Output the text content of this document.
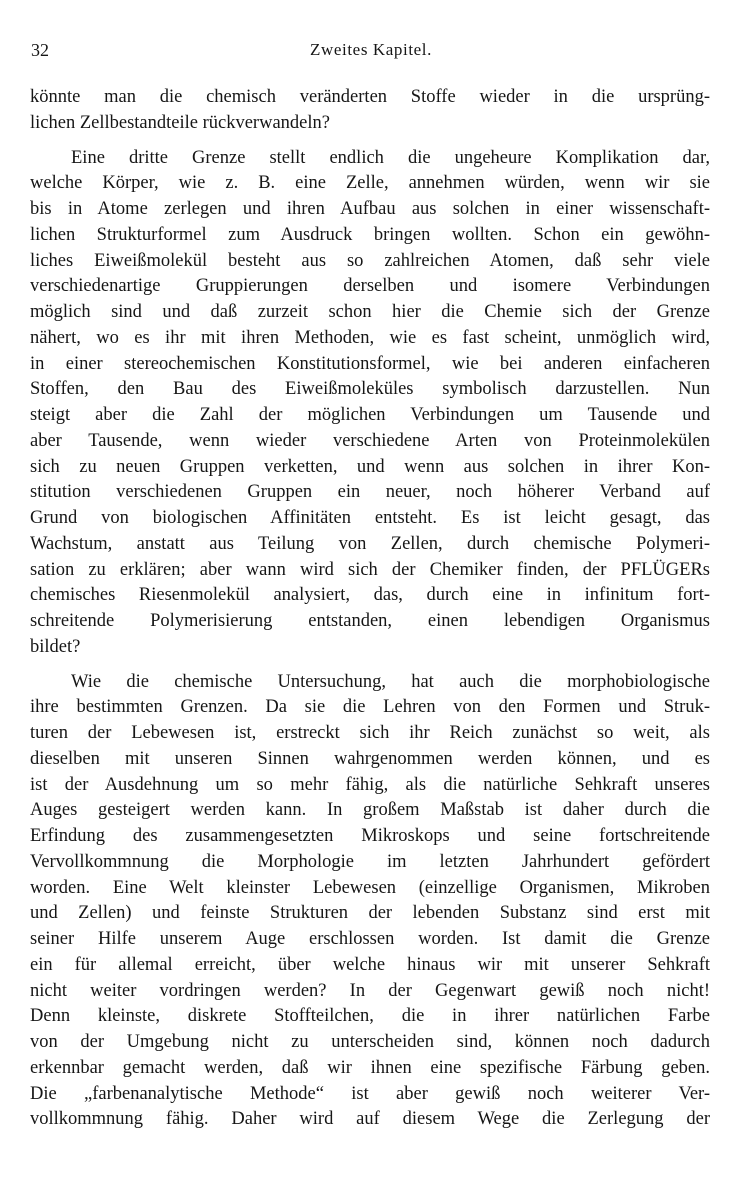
32	Zweites Kapitel.
könnte man die chemisch veränderten Stoffe wieder in die ursprüng-
lichen Zellbestandteile rückverwandeln?
Eine dritte Grenze stellt endlich die ungeheure Komplikation dar,
welche Körper, wie z. B. eine Zelle, annehmen würden, wenn wir sie
bis in Atome zerlegen und ihren Aufbau aus solchen in einer wissenschaft-
lichen Strukturformel zum Ausdruck bringen wollten. Schon ein gewöhn-
liches Eiweißmolekül besteht aus so zahlreichen Atomen, daß sehr viele
verschiedenartige Gruppierungen derselben und isomere Verbindungen
möglich sind und daß zurzeit schon hier die Chemie sich der Grenze
nähert, wo es ihr mit ihren Methoden, wie es fast scheint, unmöglich wird,
in einer stereochemischen Konstitutionsformel, wie bei anderen einfacheren
Stoffen, den Bau des Eiweißmoleküles symbolisch darzustellen. Nun
steigt aber die Zahl der möglichen Verbindungen um Tausende und
aber Tausende, wenn wieder verschiedene Arten von Proteinmolekülen
sich zu neuen Gruppen verketten, und wenn aus solchen in ihrer Kon-
stitution verschiedenen Gruppen ein neuer, noch höherer Verband auf
Grund von biologischen Affinitäten entsteht. Es ist leicht gesagt, das
Wachstum, anstatt aus Teilung von Zellen, durch chemische Polymeri-
sation zu erklären; aber wann wird sich der Chemiker finden, der PFLÜGERs
chemisches Riesenmolekül analysiert, das, durch eine in infinitum fort-
schreitende Polymerisierung entstanden, einen lebendigen Organismus
bildet?
Wie die chemische Untersuchung, hat auch die morphobiologische
ihre bestimmten Grenzen. Da sie die Lehren von den Formen und Struk-
turen der Lebewesen ist, erstreckt sich ihr Reich zunächst so weit, als
dieselben mit unseren Sinnen wahrgenommen werden können, und es
ist der Ausdehnung um so mehr fähig, als die natürliche Sehkraft unseres
Auges gesteigert werden kann. In großem Maßstab ist daher durch die
Erfindung des zusammengesetzten Mikroskops und seine fortschreitende
Vervollkommnung die Morphologie im letzten Jahrhundert gefördert
worden. Eine Welt kleinster Lebewesen (einzellige Organismen, Mikroben
und Zellen) und feinste Strukturen der lebenden Substanz sind erst mit
seiner Hilfe unserem Auge erschlossen worden. Ist damit die Grenze
ein für allemal erreicht, über welche hinaus wir mit unserer Sehkraft
nicht weiter vordringen werden? In der Gegenwart gewiß noch nicht!
Denn kleinste, diskrete Stoffteilchen, die in ihrer natürlichen Farbe
von der Umgebung nicht zu unterscheiden sind, können noch dadurch
erkennbar gemacht werden, daß wir ihnen eine spezifische Färbung geben.
Die „farbenanalytische Methode“ ist aber gewiß noch weiterer Ver-
vollkommnung fähig. Daher wird auf diesem Wege die Zerlegung der
